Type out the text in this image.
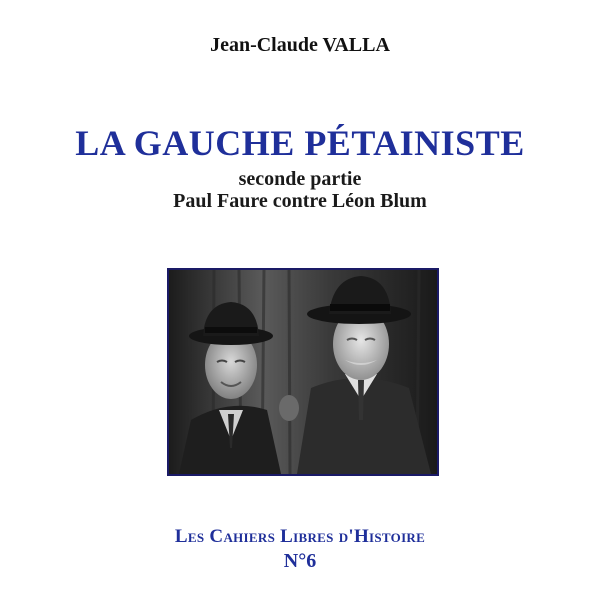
Jean-Claude VALLA
LA GAUCHE PÉTAINISTE
seconde partie
Paul Faure contre Léon Blum
Les Cahiers Libres d'Histoire
N°6
